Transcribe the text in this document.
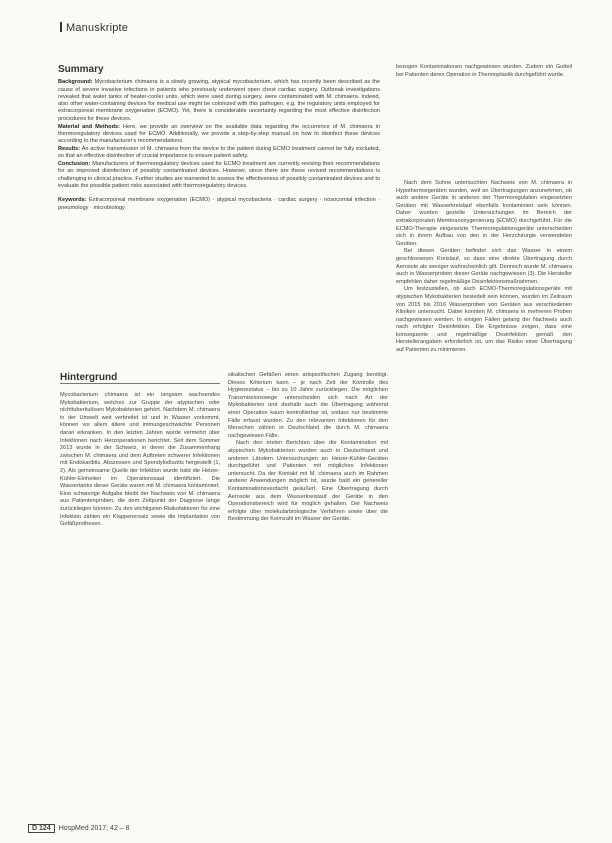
Manuskripte
Summary

Background: Mycobacterium chimaera is a slowly growing, atypical mycobacterium, which has recently been described as the cause of severe invasive infections in patients who previously underwent open chest cardiac surgery. Outbreak investigations revealed that water tanks of heater-cooler units, which were used during surgery, were contaminated with M. chimaera. Indeed, also other water-containing devices for medical use might be colonized with this pathogen, e.g. the regulatory units employed for extracorporeal membrane oxygenation (ECMO). Yet, there is considerable uncertainty regarding the most effective disinfection procedures for these devices.

Material and Methods: Here, we provide an overview on the available data regarding the occurrence of M. chimaera in thermoregulatory devices used for ECMO. Additionally, we provide a step-by-step manual on how to disinfect these devices according to the manufacturer's recommendations.

Results: An active transmission of M. chimaera from the device to the patient during ECMO treatment cannot be fully excluded, so that an effective disinfection of crucial importance to ensure patient safety.

Conclusion: Manufacturers of thermoregulatory devices used for ECMO treatment are currently revising their recommendations for an improved disinfection of possibly contaminated devices. However, since there are these revised recommendations is challenging in clinical practice. Further studies are warranted to assess the effectiveness of possibly contaminated devices and to evaluate the possible patient risks associated with thermoregulatory devices.

Keywords: Extracorporeal membrane oxygenation (ECMO) · atypical mycobacteria · cardiac surgery · nosocomial infection · pneumology · microbiology

bezogen Kontaminationen nachgewiesen wurden. Zudem ein Gutteil bei Patienten deren Operation in Thermoplastik durchgeführt wurde.
Hintergrund

Mycobacterium chimaera ist ein langsam wachsendes Mykobakterium, welches zur Gruppe der atypischen oder nichttuberkulösen Mykobakterien gehört. Nachdem M. chimaera in der Umwelt weit verbreitet ist und in Wasser vorkommt, können vor allem ältere und immungeschwächte Personen daran erkranken. In den letzten Jahren wurde vermehrt über Infektionen nach Herzoperationen berichtet. Seit dem Sommer 2013 wurde in der Schweiz, in deren die Zusammenhang zwischen M. chimaera und dem Auftreten schwerer Infektionen mit Endokarditis, Abszessen und Spondylodiszitis hergestellt (1, 2). Als gemeinsame Quelle der Infektion wurde bald die Heizer-Kühler-Einheiten im Operationssaal identifiziert. Die Wassertanks dieser Geräte waren mit M. chimaera kontaminiert. Eine schwierige Aufgabe bleibt der Nachweis von M. chimaera aus Patientenproben, die dem Zeitpunkt der Diagnose lange zurückliegen können. Zu den wichtigsten Risikofaktoren für eine Infektion zählen ein Klappenersatz sowie die Implantation von Gefäßprothesen.

sikalischen Gefäßen einen artspezifischen Zugang benötigt. Dieses Kriterium kann – je nach Zeit der Kontrolle des Hygienestatus – bis zu 10 Jahre zurückliegen. Die möglichen Transmissionswege unterscheiden sich nach Art der Mykobakterien und deshalb auch die Übertragung während einer Operation kaum kontrollierbar ist, sodass nur bestimmte Fälle erfasst wurden. Zu den relevanten Infektionen für den Menschen zählen in Deutschland die durch M. chimaera nachgewiesen Fälle.

Nach den ersten Berichten über die Kontamination mit atypischen Mykobakterien wurden auch in Deutschland und anderen Ländern Untersuchungen an Heizer-Kühler-Geräten durchgeführt und Patienten mit möglichen Infektionen untersucht. Da der Kontakt mit M. chimaera auch im Rahmen anderer Anwendungen möglich ist, wurde bald ein genereller Kontaminationsverdacht geäußert. Eine Übertragung durch Aerosole aus dem Wasserkreislauf der Geräte in den Operationsbereich wird für möglich gehalten. Der Nachweis erfolgte über molekularbiologische Verfahren sowie über die Bestimmung der Keimzahl im Wasser der Geräte.

Nach dem Sohne untersuchten Nachweis von M. chimaera in Hypothermiegeräten wurden, weil an Übertragungen anzunehmen, ob auch andere Geräte in anderen der Thermoregulation eingesetzten Geräten mit Wasserkreislauf ebenfalls kontaminiert sein können. Daher wurden gezielte Untersuchungen im Bereich der extrakorporalen Membranoxygenierung (ECMO) durchgeführt. Für die ECMO-Therapie eingesetzte Thermoregulationsgeräte unterscheiden sich in ihrem Aufbau von den in der Herzchirurgie verwendeten Geräten.

Bei diesen Geräten befindet sich das Wasser in einem geschlossenen Kreislauf, so dass eine direkte Übertragung durch Aerosole als weniger wahrscheinlich gilt. Dennoch wurde M. chimaera auch in Wasserproben dieser Geräte nachgewiesen (3). Die Hersteller empfehlen daher regelmäßige Desinfektionsmaßnahmen.

Um festzustellen, ob auch ECMO-Thermoregulationsgeräte mit atypischen Mykobakterien besiedelt sein können, wurden im Zeitraum von 2015 bis 2016 Wasserproben von Geräten aus verschiedenen Kliniken untersucht. Dabei konnten M. chimaera in mehreren Proben nachgewiesen werden. In einigen Fällen gelang der Nachweis auch nach erfolgter Desinfektion. Die Ergebnisse zeigen, dass eine konsequente und regelmäßige Desinfektion gemäß den Herstellerangaben erforderlich ist, um das Risiko einer Übertragung auf Patienten zu minimieren.

D 124 HospMed 2017; 42 – 8
